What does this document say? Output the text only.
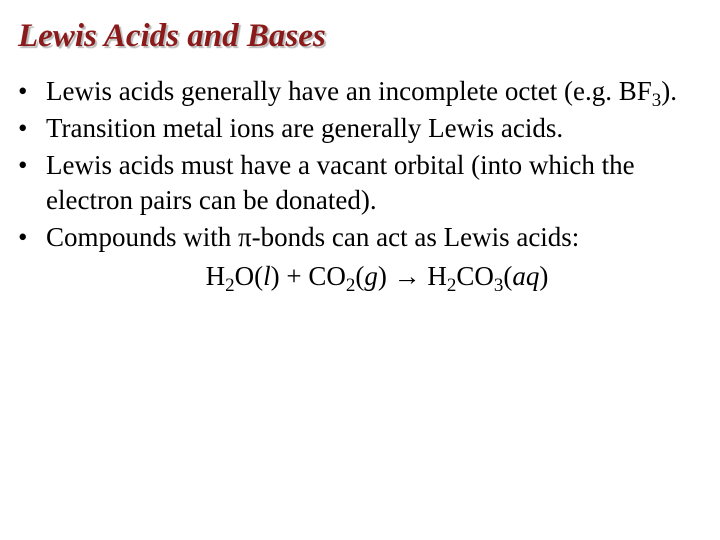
Lewis Acids and Bases
• Lewis acids generally have an incomplete octet (e.g. $BF_3$).
• Transition metal ions are generally Lewis acids.
• Lewis acids must have a vacant orbital (into which the electron pairs can be donated).
• Compounds with π-bonds can act as Lewis acids:
$H_2O(l) + CO_2(g) \to H_2CO_3(aq)$
